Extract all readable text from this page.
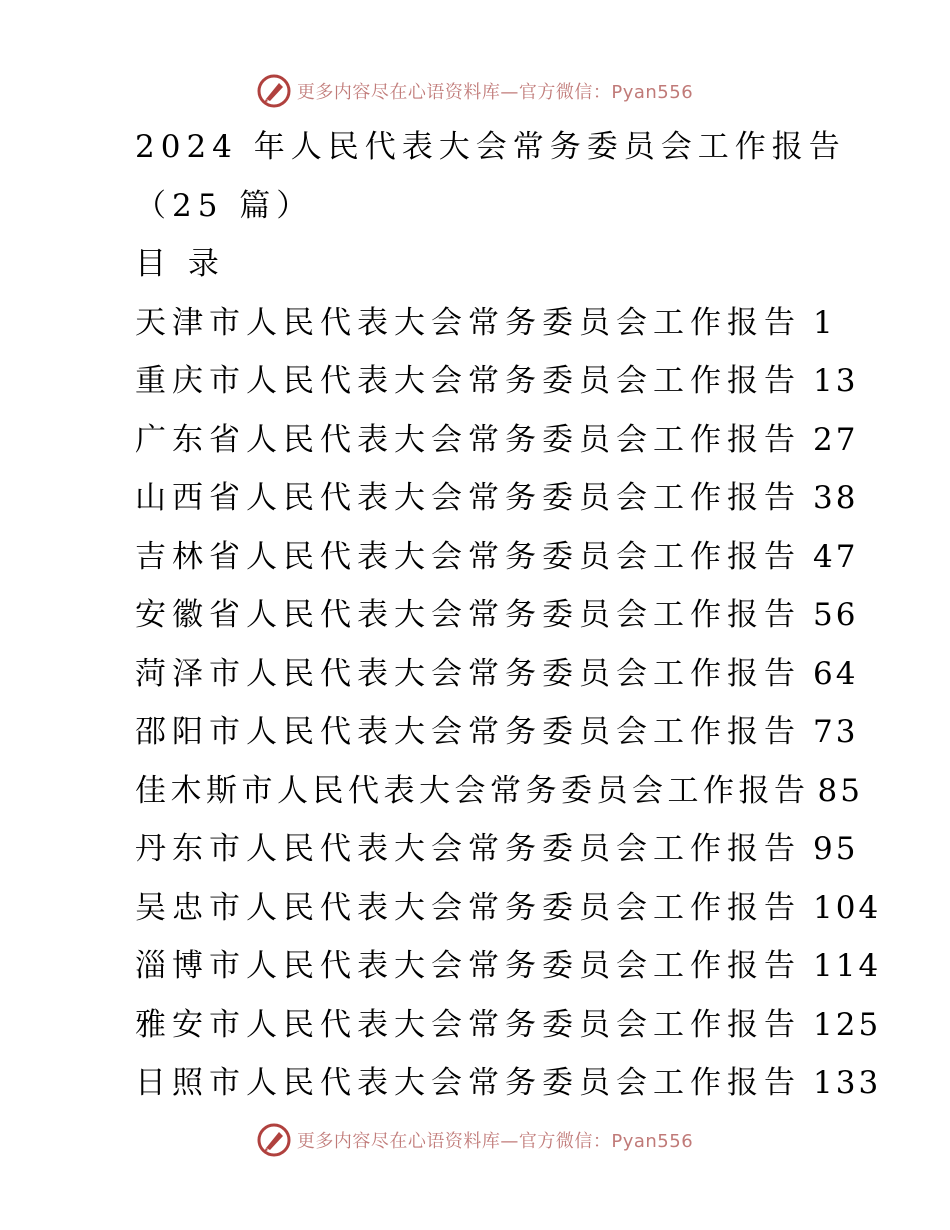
更多内容尽在心语资料库—官方微信：Pyan556

2024 年人民代表大会常务委员会工作报告

（25 篇）

目 录

天津市人民代表大会常务委员会工作报告 1
重庆市人民代表大会常务委员会工作报告 13
广东省人民代表大会常务委员会工作报告 27
山西省人民代表大会常务委员会工作报告 38
吉林省人民代表大会常务委员会工作报告 47
安徽省人民代表大会常务委员会工作报告 56
菏泽市人民代表大会常务委员会工作报告 64
邵阳市人民代表大会常务委员会工作报告 73
佳木斯市人民代表大会常务委员会工作报告 85
丹东市人民代表大会常务委员会工作报告 95
吴忠市人民代表大会常务委员会工作报告 104
淄博市人民代表大会常务委员会工作报告 114
雅安市人民代表大会常务委员会工作报告 125
日照市人民代表大会常务委员会工作报告 133
更多内容尽在心语资料库—官方微信：Pyan556
